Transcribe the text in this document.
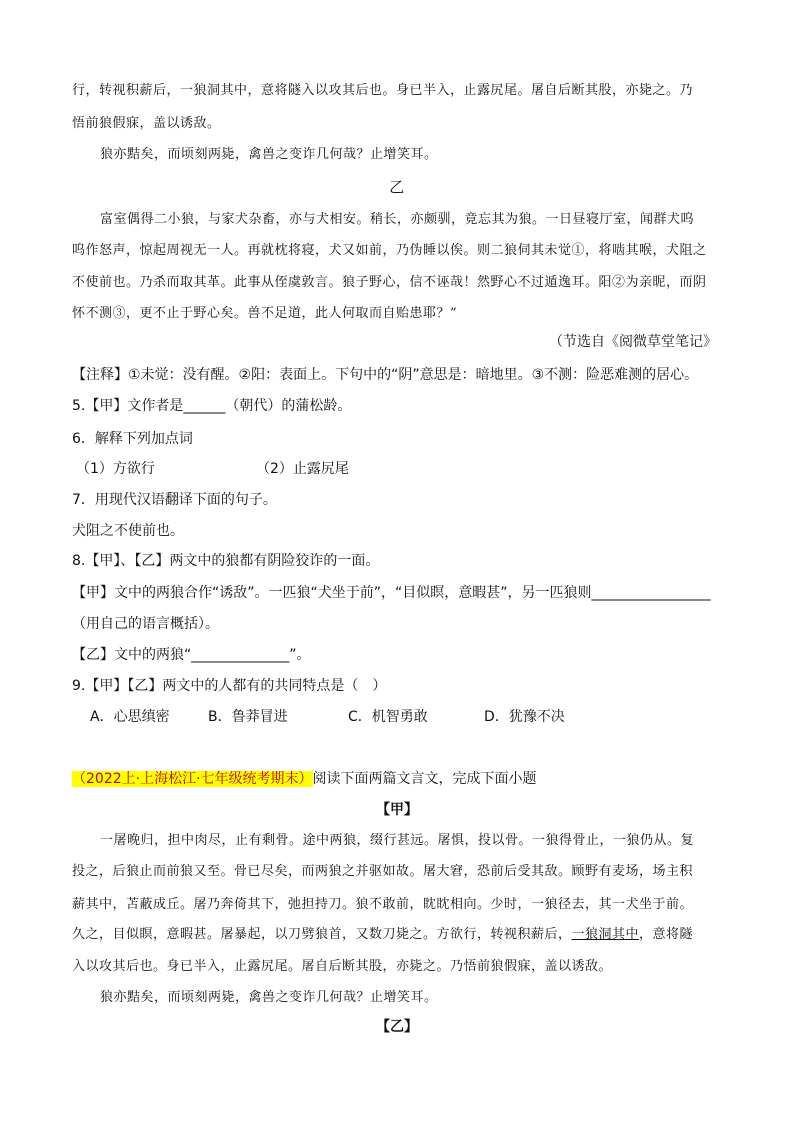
行，转视积薪后，一狼洞其中，意将隧入以攻其后也。身已半入，止露尻尾。屠自后断其股，亦毙之。乃
悟前狼假寐，盖以诱敌。
狼亦黠矣，而顷刻两毙，禽兽之变诈几何哉？止增笑耳。
乙
富室偶得二小狼，与家犬杂畜，亦与犬相安。稍长，亦颇驯，竟忘其为狼。一日昼寝厅室，闻群犬呜
呜作怒声，惊起周视无一人。再就枕将寝，犬又如前，乃伪睡以俟。则二狼伺其未觉①，将啮其喉，犬阻之
不使前也。乃杀而取其革。此事从侄虞敦言。狼子野心，信不诬哉！然野心不过遁逸耳。阳②为亲昵，而阴
怀不测③，更不止于野心矣。兽不足道，此人何取而自贻患耶？”
（节选自《阅微草堂笔记》
【注释】①未觉：没有醒。②阳：表面上。下句中的“阴”意思是：暗地里。③不测：险恶难测的居心。
5.【甲】文作者是______（朝代）的蒲松龄。
6．解释下列加点词
（1）方欲行	（2）止露尻尾
7．用现代汉语翻译下面的句子。
犬阻之不使前也。
8.【甲】、【乙】两文中的狼都有阴险狡诈的一面。
【甲】文中的两狼合作“诱敌”。一匹狼“犬坐于前”，“目似瞑，意暇甚”，另一匹狼则_________________
（用自己的语言概括）。
【乙】文中的两狼“______________”。
9.【甲】【乙】两文中的人都有的共同特点是（　）
A．心思缜密	B．鲁莽冒进	C．机智勇敢	D．犹豫不决
（2022上·上海松江·七年级统考期末）阅读下面两篇文言文，完成下面小题
【甲】
一屠晚归，担中肉尽，止有剩骨。途中两狼，缀行甚远。屠惧，投以骨。一狼得骨止，一狼仍从。复
投之，后狼止而前狼又至。骨已尽矣，而两狼之并驱如故。屠大窘，恐前后受其敌。顾野有麦场，场主积
薪其中，苫蔽成丘。屠乃奔倚其下，弛担持刀。狼不敢前，眈眈相向。少时，一狼径去，其一犬坐于前。
久之，目似瞑，意暇甚。屠暴起，以刀劈狼首，又数刀毙之。方欲行，转视积薪后，一狼洞其中，意将隧
入以攻其后也。身已半入，止露尻尾。屠自后断其股，亦毙之。乃悟前狼假寐，盖以诱敌。
狼亦黠矣，而顷刻两毙，禽兽之变诈几何哉？止增笑耳。
【乙】
